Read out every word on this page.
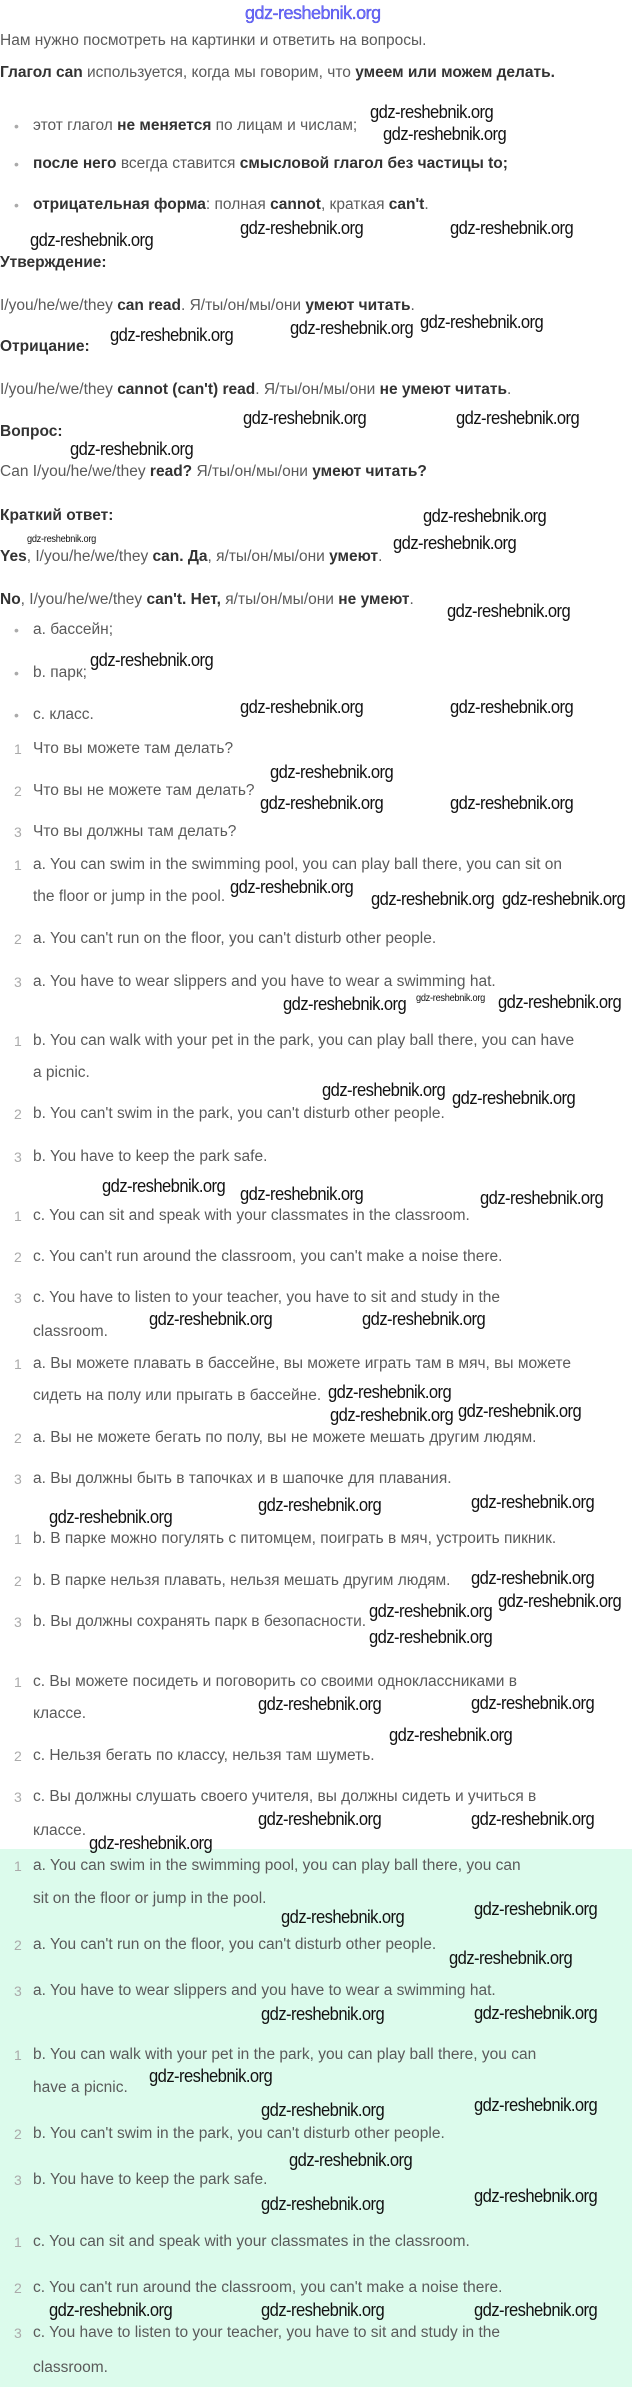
gdz-reshebnik.org
Нам нужно посмотреть на картинки и ответить на вопросы.
Глагол can используется, когда мы говорим, что умеем или можем делать.
• этот глагол не меняется по лицам и числам;
• после него всегда ставится смысловой глагол без частицы to;
• отрицательная форма: полная cannot, краткая can't.
Утверждение:
I/you/he/we/they can read. Я/ты/он/мы/они умеют читать.
Отрицание:
I/you/he/we/they cannot (can't) read. Я/ты/он/мы/они не умеют читать.
Вопрос:
Can I/you/he/we/they read? Я/ты/он/мы/они умеют читать?
Краткий ответ:
Yes, I/you/he/we/they can. Да, я/ты/он/мы/они умеют.
No, I/you/he/we/they can't. Нет, я/ты/он/мы/они не умеют.
• a. бассейн;
• b. парк;
• c. класс.
1 Что вы можете там делать?
2 Что вы не можете там делать?
3 Что вы должны там делать?
1 a. You can swim in the swimming pool, you can play ball there, you can sit on
the floor or jump in the pool.
2 a. You can't run on the floor, you can't disturb other people.
3 a. You have to wear slippers and you have to wear a swimming hat.
1 b. You can walk with your pet in the park, you can play ball there, you can have
a picnic.
2 b. You can't swim in the park, you can't disturb other people.
3 b. You have to keep the park safe.
1 c. You can sit and speak with your classmates in the classroom.
2 c. You can't run around the classroom, you can't make a noise there.
3 c. You have to listen to your teacher, you have to sit and study in the
classroom.
1 а. Вы можете плавать в бассейне, вы можете играть там в мяч, вы можете
сидеть на полу или прыгать в бассейне.
2 а. Вы не можете бегать по полу, вы не можете мешать другим людям.
3 а. Вы должны быть в тапочках и в шапочке для плавания.
1 b. В парке можно погулять с питомцем, поиграть в мяч, устроить пикник.
2 b. В парке нельзя плавать, нельзя мешать другим людям.
3 b. Вы должны сохранять парк в безопасности.
1 c. Вы можете посидеть и поговорить со своими одноклассниками в
классе.
2 c. Нельзя бегать по классу, нельзя там шуметь.
3 c. Вы должны слушать своего учителя, вы должны сидеть и учиться в
классе.
1 a. You can swim in the swimming pool, you can play ball there, you can
sit on the floor or jump in the pool.
2 a. You can't run on the floor, you can't disturb other people.
3 a. You have to wear slippers and you have to wear a swimming hat.
1 b. You can walk with your pet in the park, you can play ball there, you can
have a picnic.
2 b. You can't swim in the park, you can't disturb other people.
3 b. You have to keep the park safe.
1 c. You can sit and speak with your classmates in the classroom.
2 c. You can't run around the classroom, you can't make a noise there.
3 c. You have to listen to your teacher, you have to sit and study in the
classroom.
gdz-reshebnik.org
gdz-reshebnik.org
gdz-reshebnik.org	gdz-reshebnik.org
gdz-reshebnik.org
gdz-reshebnik.org
gdz-reshebnik.org
gdz-reshebnik.org
gdz-reshebnik.org	gdz-reshebnik.org
gdz-reshebnik.org
gdz-reshebnik.org
gdz-reshebnik.org	gdz-reshebnik.org
gdz-reshebnik.org
gdz-reshebnik.org
gdz-reshebnik.org	gdz-reshebnik.org
gdz-reshebnik.org
gdz-reshebnik.org	gdz-reshebnik.org
gdz-reshebnik.org
gdz-reshebnik.org gdz-reshebnik.org
gdz-reshebnik.org
gdz-reshebnik.org gdz-reshebnik.org
gdz-reshebnik.org
gdz-reshebnik.org
gdz-reshebnik.org
gdz-reshebnik.org
gdz-reshebnik.org
gdz-reshebnik.org	gdz-reshebnik.org
gdz-reshebnik.org gdz-reshebnik.org
gdz-reshebnik.org
gdz-reshebnik.org
gdz-reshebnik.org	gdz-reshebnik.org
gdz-reshebnik.org gdz-reshebnik.org
gdz-reshebnik.org
gdz-reshebnik.org
gdz-reshebnik.org	gdz-reshebnik.org
gdz-reshebnik.org
gdz-reshebnik.org	gdz-reshebnik.org
gdz-reshebnik.org
gdz-reshebnik.org	gdz-reshebnik.org
gdz-reshebnik.org
gdz-reshebnik.org	gdz-reshebnik.org
gdz-reshebnik.org
gdz-reshebnik.org	gdz-reshebnik.org
gdz-reshebnik.org
gdz-reshebnik.org	gdz-reshebnik.org
gdz-reshebnik.org	gdz-reshebnik.org	gdz-reshebnik.org
